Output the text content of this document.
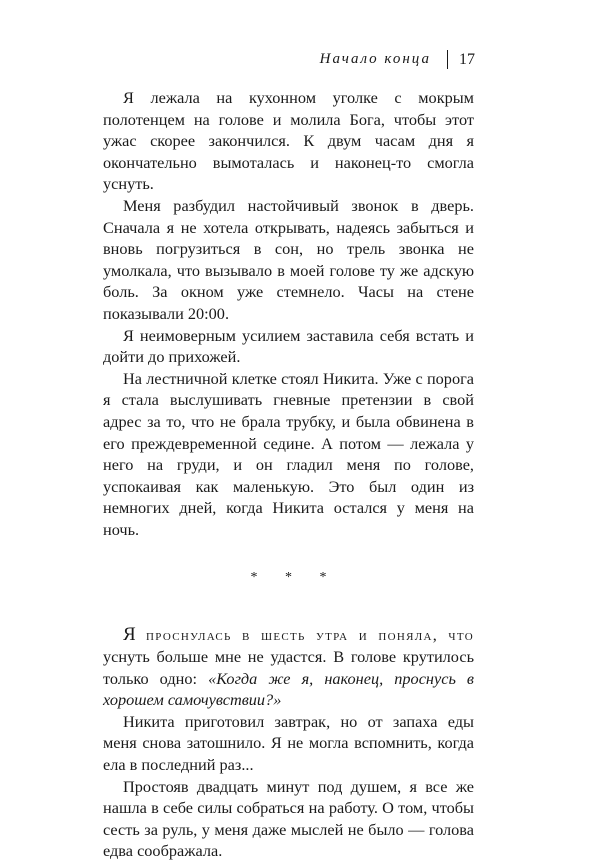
Начало конца 17

Я лежала на кухонном уголке с мокрым полотенцем на голове и молила Бога, чтобы этот ужас скорее закончился. К двум часам дня я окончательно вымоталась и наконец-то смогла уснуть.

Меня разбудил настойчивый звонок в дверь. Сначала я не хотела открывать, надеясь забыться и вновь погрузиться в сон, но трель звонка не умолкала, что вызывало в моей голове ту же адскую боль. За окном уже стемнело. Часы на стене показывали 20:00.

Я неимоверным усилием заставила себя встать и дойти до прихожей.

На лестничной клетке стоял Никита. Уже с порога я стала выслушивать гневные претензии в свой адрес за то, что не брала трубку, и была обвинена в его преждевременной седине. А потом — лежала у него на груди, и он гладил меня по голове, успокаивая как маленькую. Это был один из немногих дней, когда Никита остался у меня на ночь.

* * *

Я проснулась в шесть утра и поняла, что уснуть больше мне не удастся. В голове крутилось только одно: «Когда же я, наконец, проснусь в хорошем самочувствии?»

Никита приготовил завтрак, но от запаха еды меня снова затошнило. Я не могла вспомнить, когда ела в последний раз...

Простояв двадцать минут под душем, я все же нашла в себе силы собраться на работу. О том, чтобы сесть за руль, у меня даже мыслей не было — голова едва соображала.
